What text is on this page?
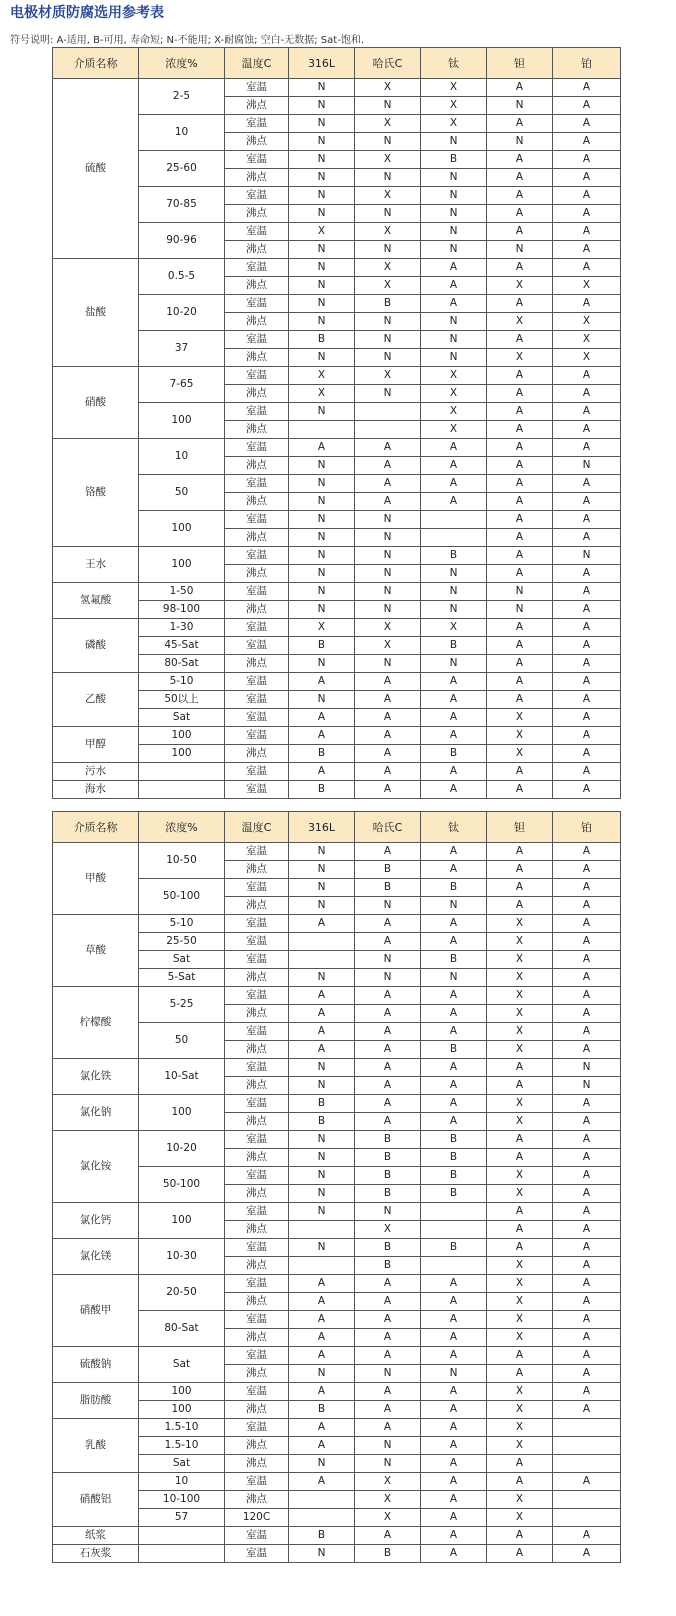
电极材质防腐选用参考表
符号说明: A-适用, B-可用, 寿命短; N-不能用; X-耐腐蚀; 空白-无数据; Sat-饱和.
介质名称	浓度%	温度C	316L	哈氏C	钛	钽	铂
硫酸	2-5	室温	N	X	X	A	A
		沸点	N	N	X	N	A
	10	室温	N	X	X	A	A
		沸点	N	N	N	N	A
	25-60	室温	N	X	B	A	A
		沸点	N	N	N	A	A
	70-85	室温	N	X	N	A	A
		沸点	N	N	N	A	A
	90-96	室温	X	X	N	A	A
		沸点	N	N	N	N	A
盐酸	0.5-5	室温	N	X	A	A	A
		沸点	N	X	A	X	X
	10-20	室温	N	B	A	A	A
		沸点	N	N	N	X	X
	37	室温	B	N	N	A	X
		沸点	N	N	N	X	X
硝酸	7-65	室温	X	X	X	A	A
		沸点	X	N	X	A	A
	100	室温	N		X	A	A
		沸点			X	A	A
铬酸	10	室温	A	A	A	A	A
		沸点	N	A	A	A	N
	50	室温	N	A	A	A	A
		沸点	N	A	A	A	A
	100	室温	N	N		A	A
		沸点	N	N		A	A
王水	100	室温	N	N	B	A	N
		沸点	N	N	N	A	A
氢氟酸	1-50	室温	N	N	N	N	A
	98-100	沸点	N	N	N	N	A
磷酸	1-30	室温	X	X	X	A	A
	45-Sat	室温	B	X	B	A	A
	80-Sat	沸点	N	N	N	A	A
乙酸	5-10	室温	A	A	A	A	A
	50以上	室温	N	A	A	A	A
	Sat	室温	A	A	A	X	A
甲醇	100	室温	A	A	A	X	A
	100	沸点	B	A	B	X	A
污水		室温	A	A	A	A	A
海水		室温	B	A	A	A	A
介质名称	浓度%	温度C	316L	哈氏C	钛	钽	铂
甲酸	10-50	室温	N	A	A	A	A
		沸点	N	B	A	A	A
	50-100	室温	N	B	B	A	A
		沸点	N	N	N	A	A
草酸	5-10	室温	A	A	A	X	A
	25-50	室温		A	A	X	A
	Sat	室温		N	B	X	A
	5-Sat	沸点	N	N	N	X	A
柠檬酸	5-25	室温	A	A	A	X	A
		沸点	A	A	A	X	A
	50	室温	A	A	A	X	A
		沸点	A	A	B	X	A
氯化铁	10-Sat	室温	N	A	A	A	N
		沸点	N	A	A	A	N
氯化钠	100	室温	B	A	A	X	A
		沸点	B	A	A	X	A
氯化铵	10-20	室温	N	B	B	A	A
		沸点	N	B	B	A	A
	50-100	室温	N	B	B	X	A
		沸点	N	B	B	X	A
氯化钙	100	室温	N	N		A	A
		沸点		X		A	A
氯化镁	10-30	室温	N	B	B	A	A
		沸点		B		X	A
硝酸甲	20-50	室温	A	A	A	X	A
		沸点	A	A	A	X	A
	80-Sat	室温	A	A	A	X	A
		沸点	A	A	A	X	A
硫酸钠	Sat	室温	A	A	A	A	A
		沸点	N	N	N	A	A
脂肪酸	100	室温	A	A	A	X	A
	100	沸点	B	A	A	X	A
乳酸	1.5-10	室温	A	A	A	X	
	1.5-10	沸点	A	N	A	X	
	Sat	沸点	N	N	A	A	
硝酸铝	10	室温	A	X	A	A	A
	10-100	沸点		X	A	X	
	57	120C		X	A	X	
纸浆		室温	B	A	A	A	A
石灰浆		室温	N	B	A	A	A
